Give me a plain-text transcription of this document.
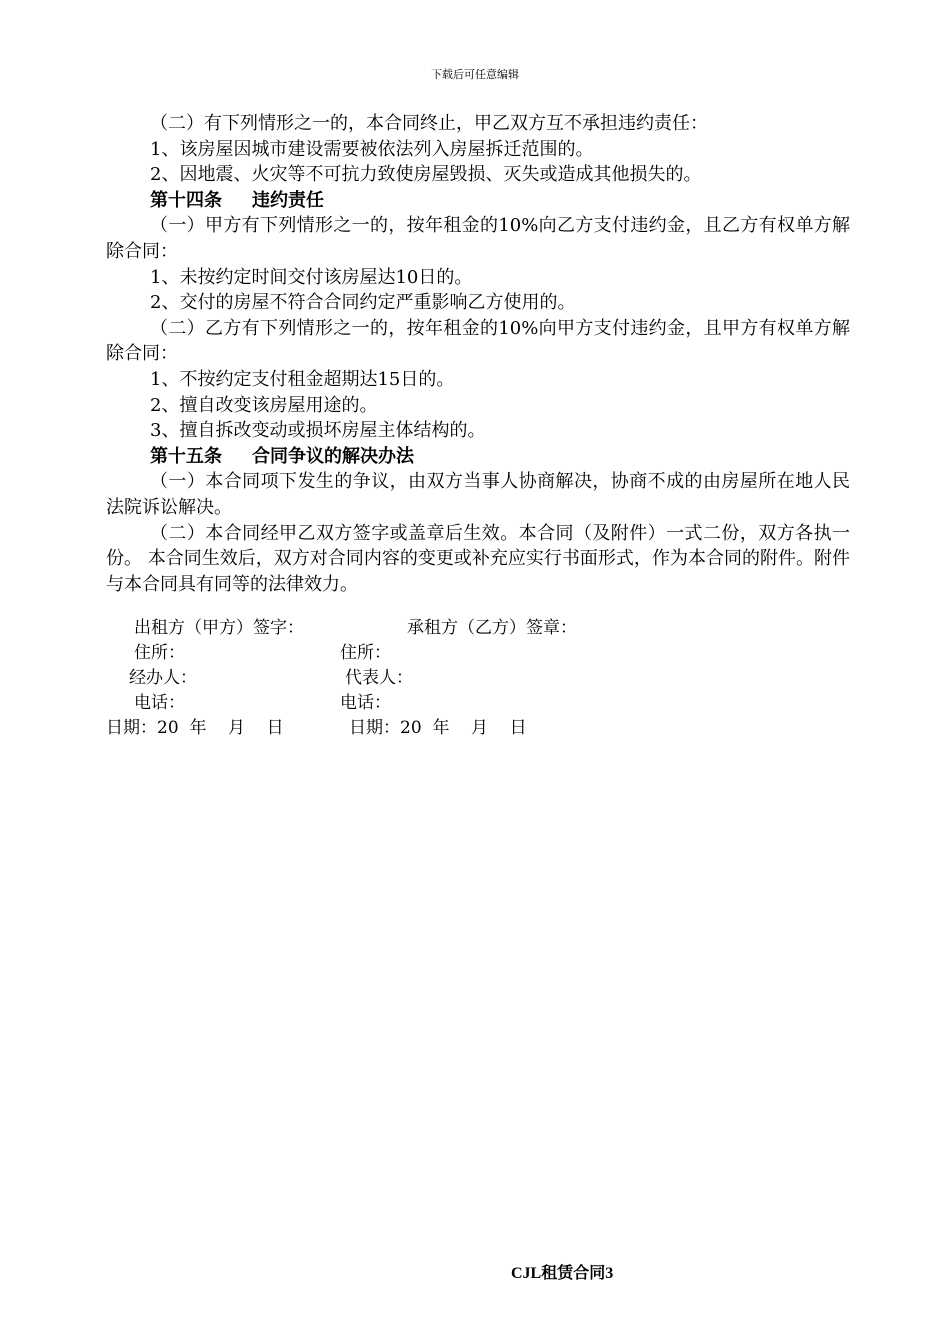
下载后可任意编辑

（二）有下列情形之一的，本合同终止，甲乙双方互不承担违约责任：

1、该房屋因城市建设需要被依法列入房屋拆迁范围的。

2、因地震、火灾等不可抗力致使房屋毁损、灭失或造成其他损失的。

第十四条 违约责任

（一）甲方有下列情形之一的，按年租金的10%向乙方支付违约金，且乙方有权单方解除合同：

1、未按约定时间交付该房屋达10日的。

2、交付的房屋不符合合同约定严重影响乙方使用的。

（二）乙方有下列情形之一的，按年租金的10%向甲方支付违约金，且甲方有权单方解除合同：

1、不按约定支付租金超期达15日的。

2、擅自改变该房屋用途的。

3、擅自拆改变动或损坏房屋主体结构的。

第十五条 合同争议的解决办法

（一）本合同项下发生的争议，由双方当事人协商解决，协商不成的由房屋所在地人民法院诉讼解决。

（二）本合同经甲乙双方签字或盖章后生效。本合同（及附件）一式二份，双方各执一份。 本合同生效后，双方对合同内容的变更或补充应实行书面形式，作为本合同的附件。附件与本合同具有同等的法律效力。

出租方（甲方）签字：	承租方（乙方）签章：
住所：	住所：
经办人：	代表人：
电话：	电话：
日期：20  年    月    日	日期：20  年    月    日
CJL租赁合同3
